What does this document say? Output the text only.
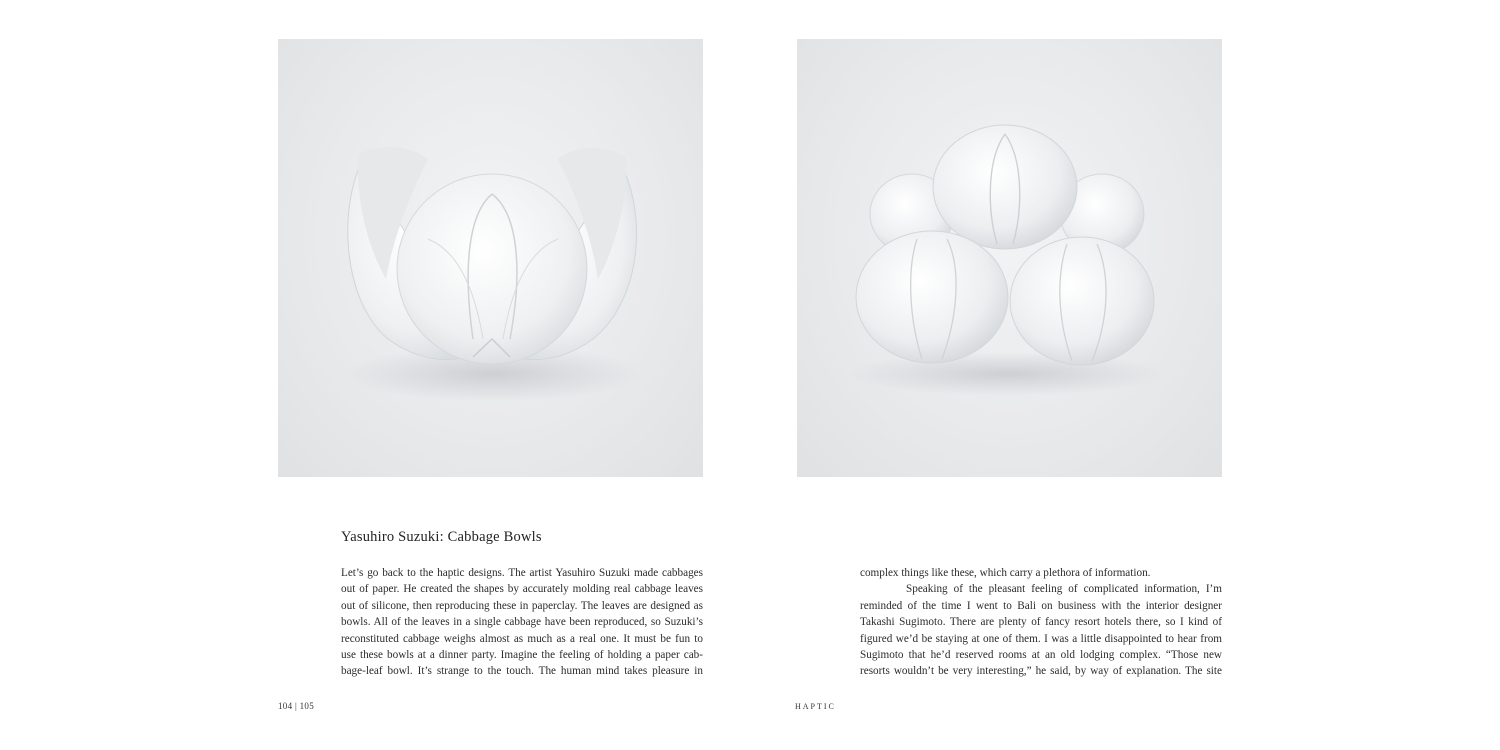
Yasuhiro Suzuki: Cabbage Bowls
Let’s go back to the haptic designs. The artist Yasuhiro Suzuki made cabbages
out of paper. He created the shapes by accurately molding real cabbage leaves
out of silicone, then reproducing these in paperclay. The leaves are designed as
bowls. All of the leaves in a single cabbage have been reproduced, so Suzuki’s
reconstituted cabbage weighs almost as much as a real one. It must be fun to
use these bowls at a dinner party. Imagine the feeling of holding a paper cab-
bage-leaf bowl. It’s strange to the touch. The human mind takes pleasure in
complex things like these, which carry a plethora of information.
Speaking of the pleasant feeling of complicated information, I’m
reminded of the time I went to Bali on business with the interior designer
Takashi Sugimoto. There are plenty of fancy resort hotels there, so I kind of
figured we’d be staying at one of them. I was a little disappointed to hear from
Sugimoto that he’d reserved rooms at an old lodging complex. “Those new
resorts wouldn’t be very interesting,” he said, by way of explanation. The site
104 | 105	HAPTIC
